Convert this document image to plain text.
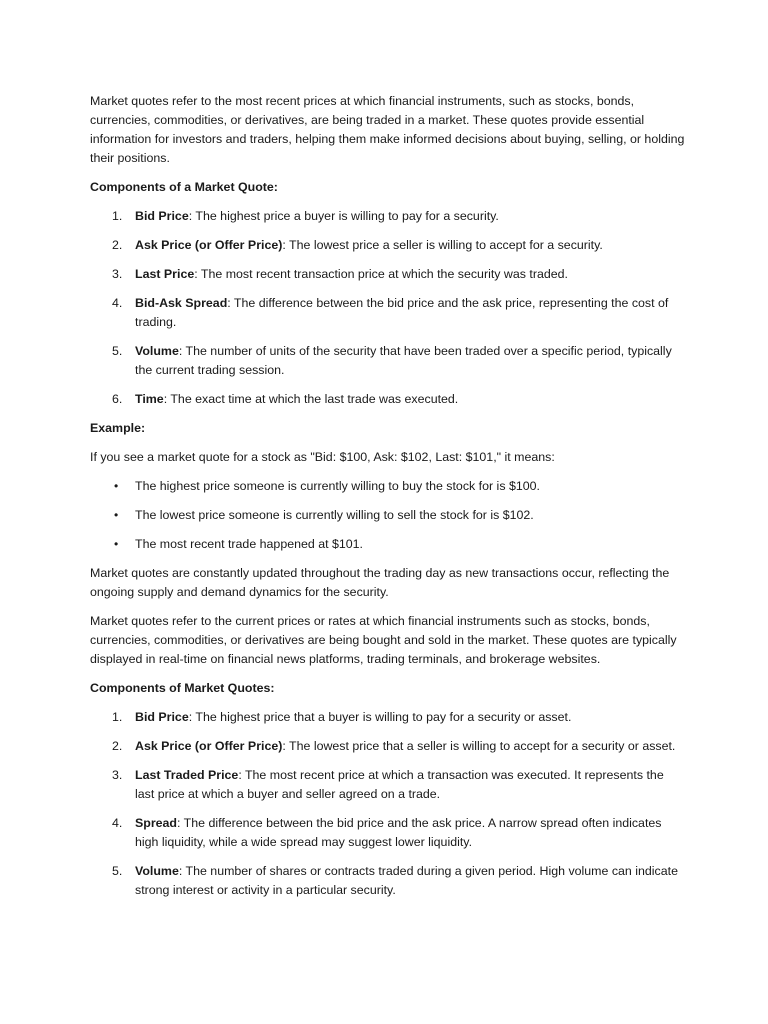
Market quotes refer to the most recent prices at which financial instruments, such as stocks, bonds, currencies, commodities, or derivatives, are being traded in a market. These quotes provide essential information for investors and traders, helping them make informed decisions about buying, selling, or holding their positions.

Components of a Market Quote:

1. Bid Price: The highest price a buyer is willing to pay for a security.
2. Ask Price (or Offer Price): The lowest price a seller is willing to accept for a security.
3. Last Price: The most recent transaction price at which the security was traded.
4. Bid-Ask Spread: The difference between the bid price and the ask price, representing the cost of trading.
5. Volume: The number of units of the security that have been traded over a specific period, typically the current trading session.
6. Time: The exact time at which the last trade was executed.

Example:

If you see a market quote for a stock as "Bid: $100, Ask: $102, Last: $101," it means:

• The highest price someone is currently willing to buy the stock for is $100.
• The lowest price someone is currently willing to sell the stock for is $102.
• The most recent trade happened at $101.

Market quotes are constantly updated throughout the trading day as new transactions occur, reflecting the ongoing supply and demand dynamics for the security.

Market quotes refer to the current prices or rates at which financial instruments such as stocks, bonds, currencies, commodities, or derivatives are being bought and sold in the market. These quotes are typically displayed in real-time on financial news platforms, trading terminals, and brokerage websites.

Components of Market Quotes:

1. Bid Price: The highest price that a buyer is willing to pay for a security or asset.
2. Ask Price (or Offer Price): The lowest price that a seller is willing to accept for a security or asset.
3. Last Traded Price: The most recent price at which a transaction was executed. It represents the last price at which a buyer and seller agreed on a trade.
4. Spread: The difference between the bid price and the ask price. A narrow spread often indicates high liquidity, while a wide spread may suggest lower liquidity.
5. Volume: The number of shares or contracts traded during a given period. High volume can indicate strong interest or activity in a particular security.
